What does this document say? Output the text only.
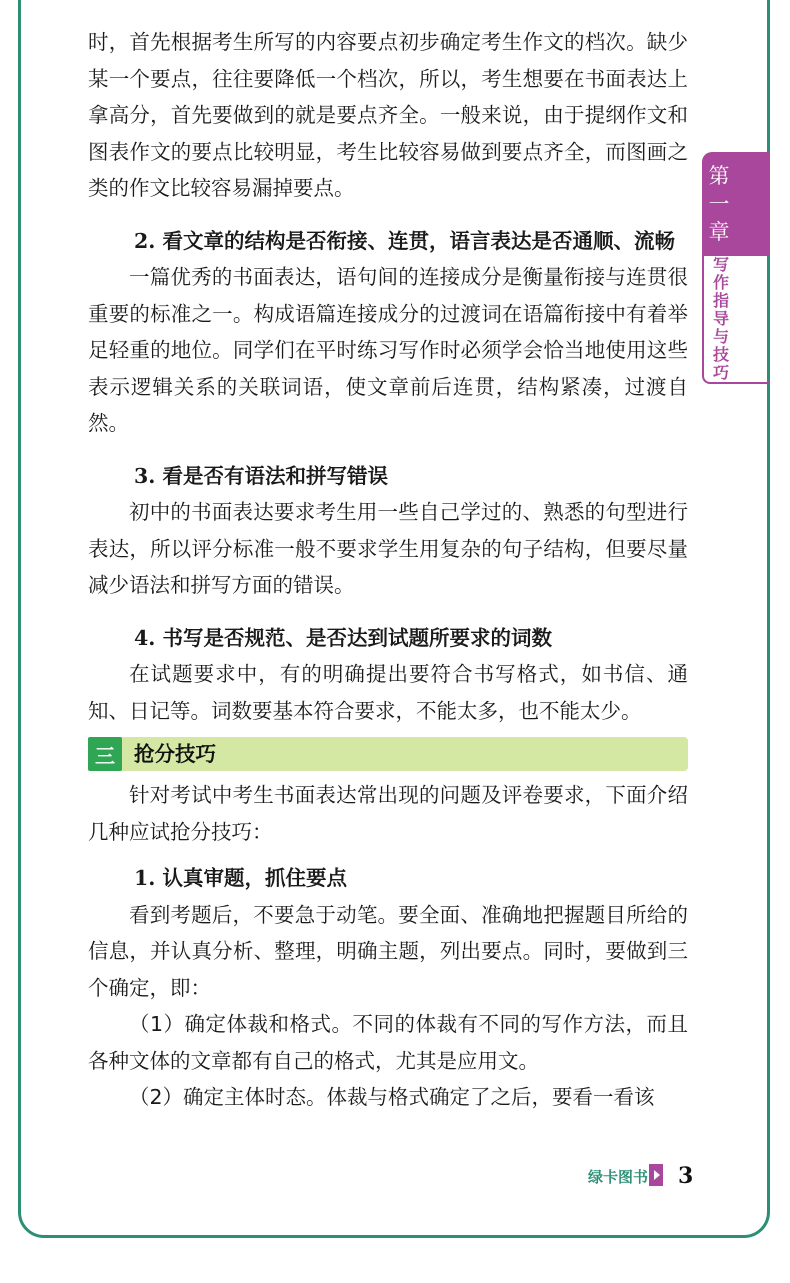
第
一
章
写
作
指
导
与
技
巧

时，首先根据考生所写的内容要点初步确定考生作文的档次。缺少某一个要点，往往要降低一个档次，所以，考生想要在书面表达上拿高分，首先要做到的就是要点齐全。一般来说，由于提纲作文和图表作文的要点比较明显，考生比较容易做到要点齐全，而图画之类的作文比较容易漏掉要点。

2. 看文章的结构是否衔接、连贯，语言表达是否通顺、流畅

一篇优秀的书面表达，语句间的连接成分是衡量衔接与连贯很重要的标准之一。构成语篇连接成分的过渡词在语篇衔接中有着举足轻重的地位。同学们在平时练习写作时必须学会恰当地使用这些表示逻辑关系的关联词语，使文章前后连贯，结构紧凑，过渡自然。

3. 看是否有语法和拼写错误

初中的书面表达要求考生用一些自己学过的、熟悉的句型进行表达，所以评分标准一般不要求学生用复杂的句子结构，但要尽量减少语法和拼写方面的错误。

4. 书写是否规范、是否达到试题所要求的词数

在试题要求中，有的明确提出要符合书写格式，如书信、通知、日记等。词数要基本符合要求，不能太多，也不能太少。

三 抢分技巧

针对考试中考生书面表达常出现的问题及评卷要求，下面介绍几种应试抢分技巧：

1. 认真审题，抓住要点

看到考题后，不要急于动笔。要全面、准确地把握题目所给的信息，并认真分析、整理，明确主题，列出要点。同时，要做到三个确定，即：

（1）确定体裁和格式。不同的体裁有不同的写作方法，而且各种文体的文章都有自己的格式，尤其是应用文。

（2）确定主体时态。体裁与格式确定了之后，要看一看该

绿卡图书 3
